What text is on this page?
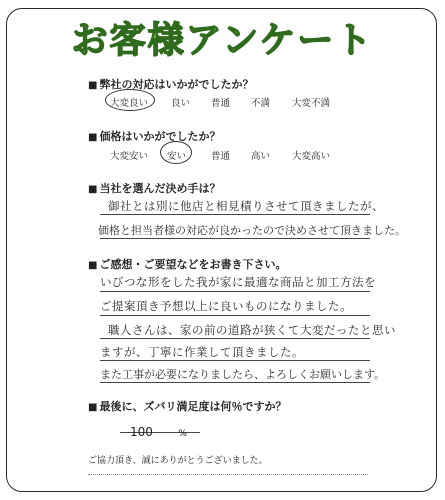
お客様アンケート
■ 弊社の対応はいかがでしたか？
大変良い 良い 普通 不満 大変不満
■ 価格はいかがでしたか？
大変安い 安い	普通 高い 大変高い
■ 当社を選んだ決め手は？
御社とは別に他店と相見積りさせて頂きましたが、
価格と担当者様の対応が良かったので決めさせて頂きました。
■ ご感想・ご要望などをお書き下さい。
いびつな形をした我が家に最適な商品と加工方法を
ご提案頂き予想以上に良いものになりました。
職人さんは、家の前の道路が狭くて大変だったと思い
ますが、丁寧に作業して頂きました。
また工事が必要になりましたら、よろしくお願いします。
■ 最後に、ズバリ満足度は何％ですか？
100	%
ご協力頂き、誠にありがとうございました。
